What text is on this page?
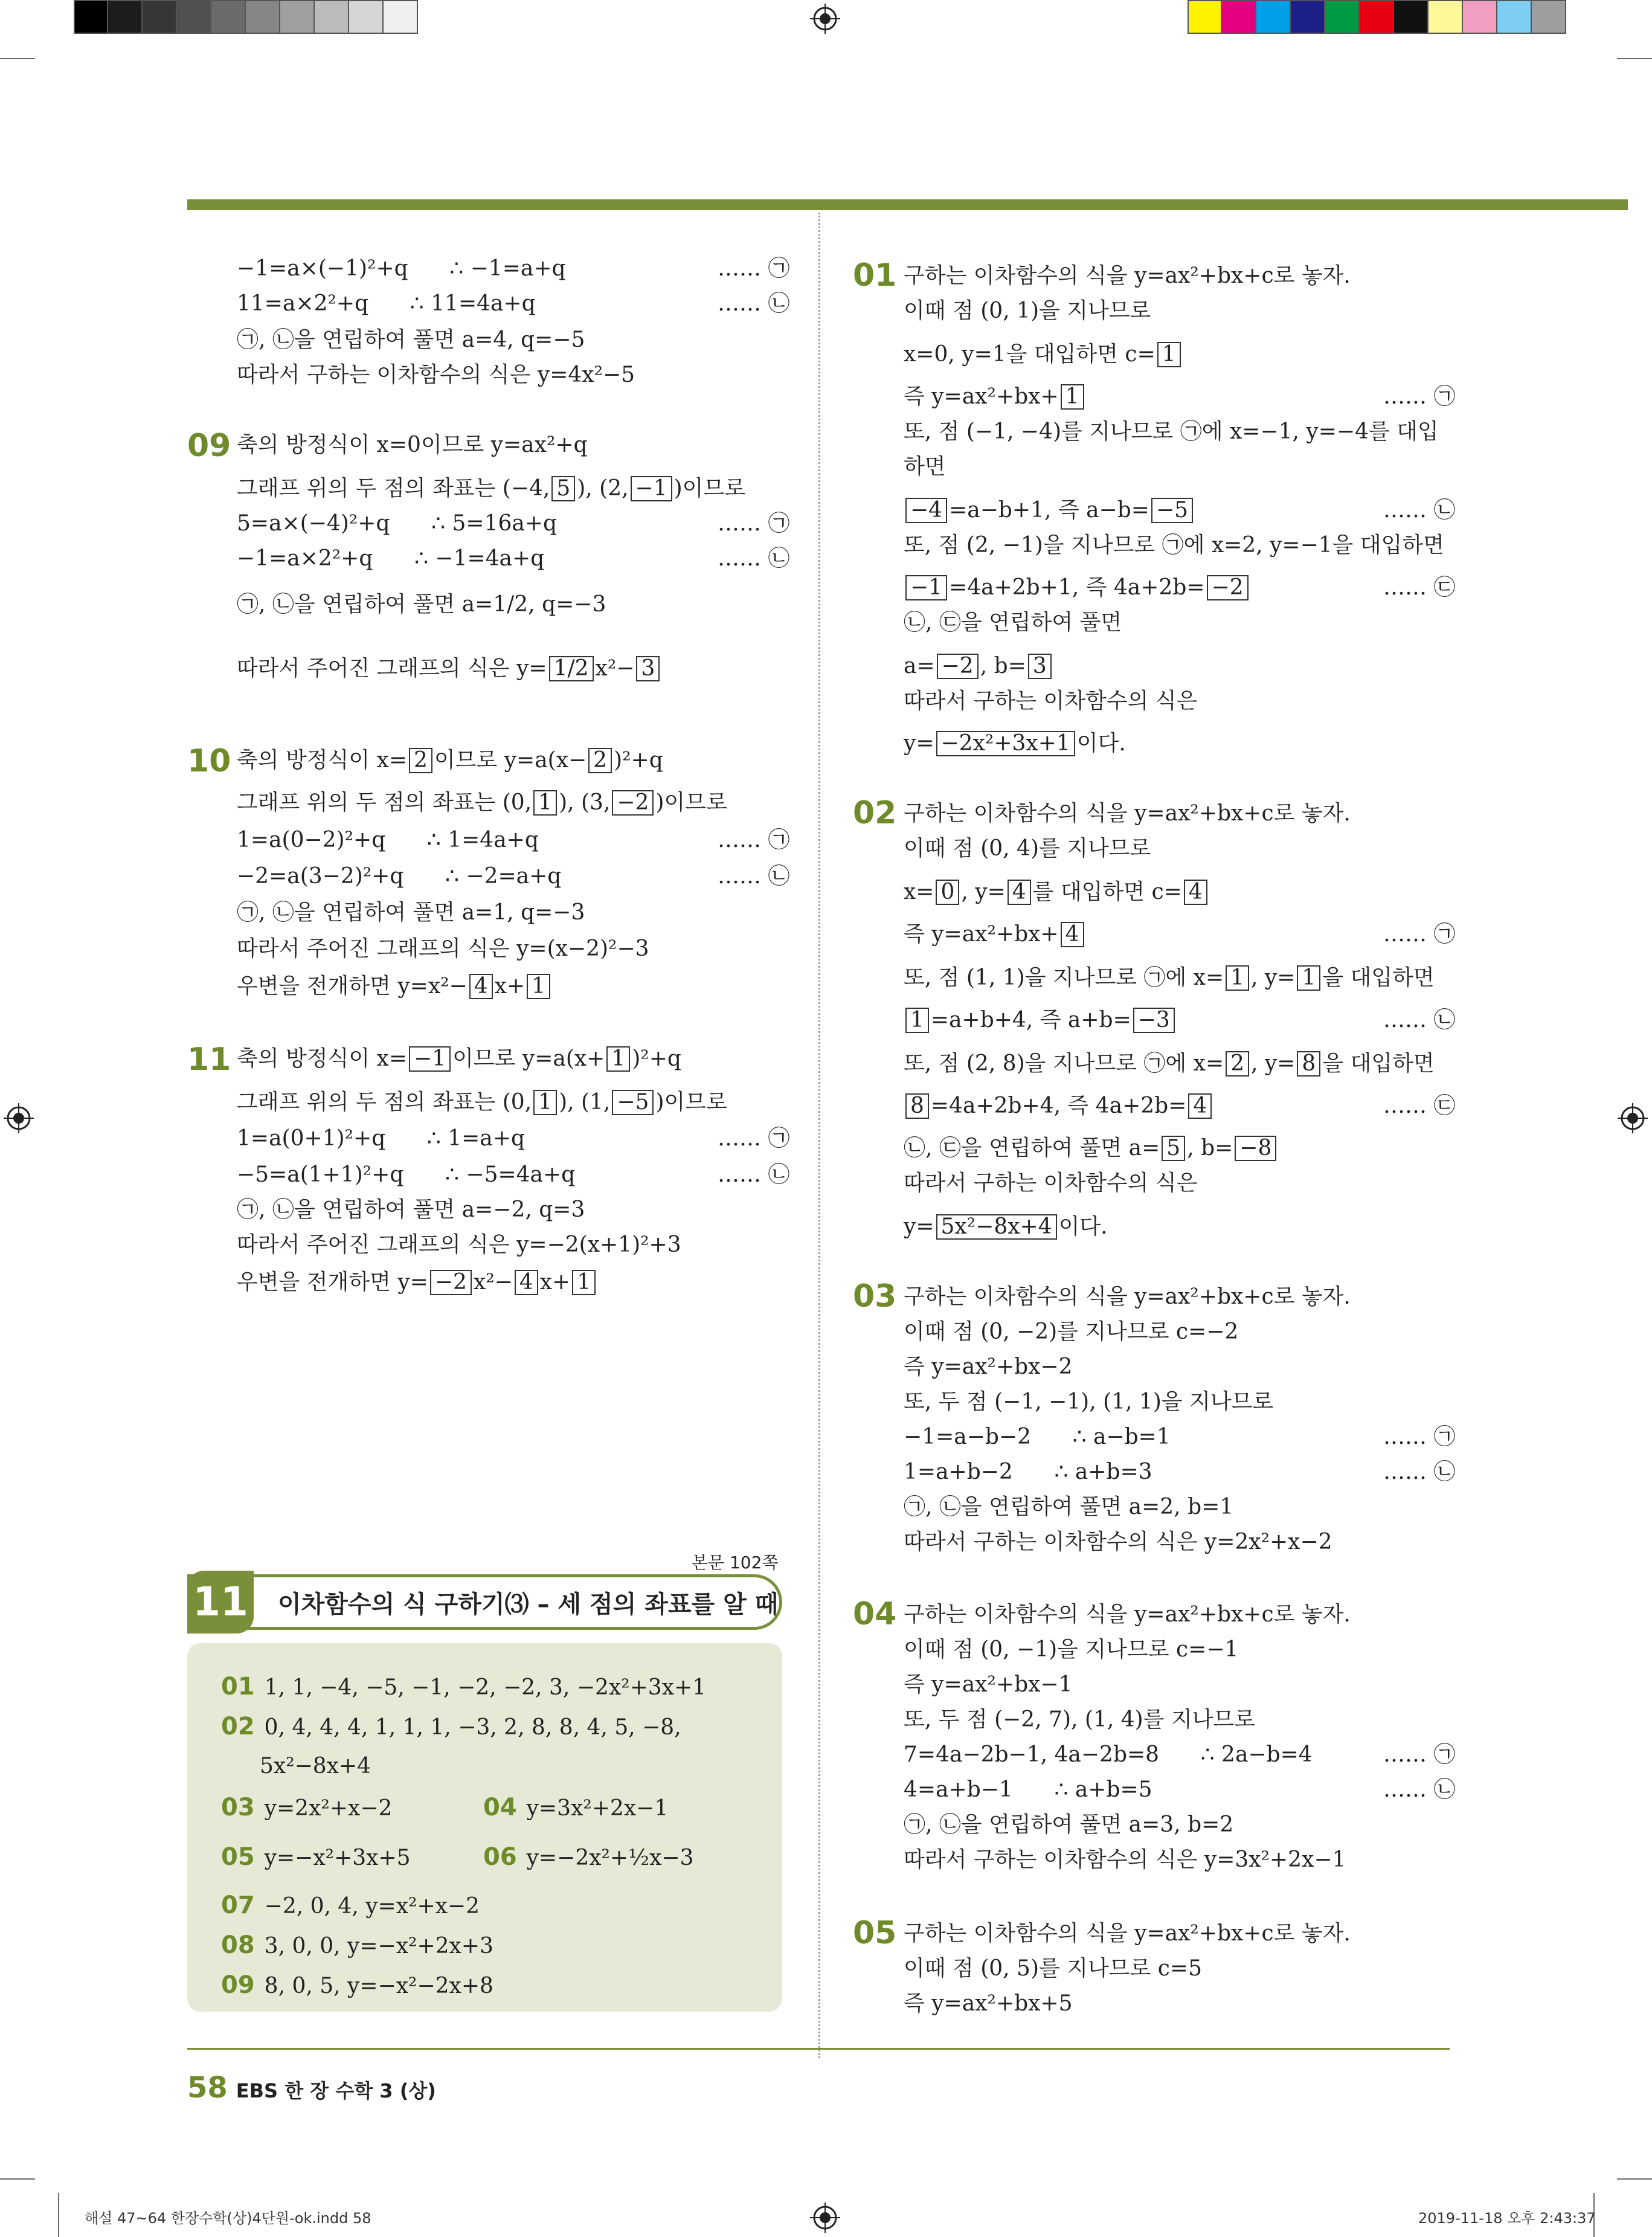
−1=a×(−1)²+q      ∴ −1=a+q	…… ㉠
11=a×2²+q      ∴ 11=4a+q	…… ㉡
㉠, ㉡을 연립하여 풀면 a=4, q=−5
따라서 구하는 이차함수의 식은 y=4x²−5
09 축의 방정식이 x=0이므로 y=ax²+q
그래프 위의 두 점의 좌표는 (−4, 5 ), (2, −1 )이므로
5=a×(−4)²+q      ∴ 5=16a+q	…… ㉠
−1=a×2²+q      ∴ −1=4a+q	…… ㉡
㉠, ㉡을 연립하여 풀면 a=1/2, q=−3
따라서 주어진 그래프의 식은 y= 1/2 x²− 3
10 축의 방정식이 x= 2 이므로 y=a(x− 2 )²+q
그래프 위의 두 점의 좌표는 (0, 1 ), (3, −2 )이므로
1=a(0−2)²+q      ∴ 1=4a+q	…… ㉠
−2=a(3−2)²+q      ∴ −2=a+q	…… ㉡
㉠, ㉡을 연립하여 풀면 a=1, q=−3
따라서 주어진 그래프의 식은 y=(x−2)²−3
우변을 전개하면 y=x²− 4 x+ 1
11 축의 방정식이 x= −1 이므로 y=a(x+ 1 )²+q
그래프 위의 두 점의 좌표는 (0, 1 ), (1, −5 )이므로
1=a(0+1)²+q      ∴ 1=a+q	…… ㉠
−5=a(1+1)²+q      ∴ −5=4a+q	…… ㉡
㉠, ㉡을 연립하여 풀면 a=−2, q=3
따라서 주어진 그래프의 식은 y=−2(x+1)²+3
우변을 전개하면 y= −2 x²− 4 x+ 1
본문 102쪽
11 이차함수의 식 구하기⑶ – 세 점의 좌표를 알 때
01 1, 1, −4, −5, −1, −2, −2, 3, −2x²+3x+1
02 0, 4, 4, 4, 1, 1, 1, −3, 2, 8, 8, 4, 5, −8,
5x²−8x+4
03 y=2x²+x−2	04 y=3x²+2x−1
05 y=−x²+3x+5	06 y=−2x²+½x−3
07 −2, 0, 4, y=x²+x−2
08 3, 0, 0, y=−x²+2x+3
09 8, 0, 5, y=−x²−2x+8
01 구하는 이차함수의 식을 y=ax²+bx+c로 놓자.
이때 점 (0, 1)을 지나므로
x=0, y=1을 대입하면 c= 1
즉 y=ax²+bx+ 1	…… ㉠
또, 점 (−1, −4)를 지나므로 ㉠에 x=−1, y=−4를 대입
하면
−4 =a−b+1, 즉 a−b= −5	…… ㉡
또, 점 (2, −1)을 지나므로 ㉠에 x=2, y=−1을 대입하면
−1 =4a+2b+1, 즉 4a+2b= −2	…… ㉢
㉡, ㉢을 연립하여 풀면
a= −2 , b= 3
따라서 구하는 이차함수의 식은
y= −2x²+3x+1 이다.
02 구하는 이차함수의 식을 y=ax²+bx+c로 놓자.
이때 점 (0, 4)를 지나므로
x= 0 , y= 4 를 대입하면 c= 4
즉 y=ax²+bx+ 4	…… ㉠
또, 점 (1, 1)을 지나므로 ㉠에 x= 1 , y= 1 을 대입하면
1 =a+b+4, 즉 a+b= −3	…… ㉡
또, 점 (2, 8)을 지나므로 ㉠에 x= 2 , y= 8 을 대입하면
8 =4a+2b+4, 즉 4a+2b= 4	…… ㉢
㉡, ㉢을 연립하여 풀면 a= 5 , b= −8
따라서 구하는 이차함수의 식은
y= 5x²−8x+4 이다.
03 구하는 이차함수의 식을 y=ax²+bx+c로 놓자.
이때 점 (0, −2)를 지나므로 c=−2
즉 y=ax²+bx−2
또, 두 점 (−1, −1), (1, 1)을 지나므로
−1=a−b−2      ∴ a−b=1	…… ㉠
1=a+b−2      ∴ a+b=3	…… ㉡
㉠, ㉡을 연립하여 풀면 a=2, b=1
따라서 구하는 이차함수의 식은 y=2x²+x−2
04 구하는 이차함수의 식을 y=ax²+bx+c로 놓자.
이때 점 (0, −1)을 지나므로 c=−1
즉 y=ax²+bx−1
또, 두 점 (−2, 7), (1, 4)를 지나므로
7=4a−2b−1, 4a−2b=8      ∴ 2a−b=4	…… ㉠
4=a+b−1      ∴ a+b=5	…… ㉡
㉠, ㉡을 연립하여 풀면 a=3, b=2
따라서 구하는 이차함수의 식은 y=3x²+2x−1
05 구하는 이차함수의 식을 y=ax²+bx+c로 놓자.
이때 점 (0, 5)를 지나므로 c=5
즉 y=ax²+bx+5
58 EBS 한 장 수학 3 (상)
해설 47~64 한장수학(상)4단원-ok.indd 58	2019-11-18 오후 2:43:37
